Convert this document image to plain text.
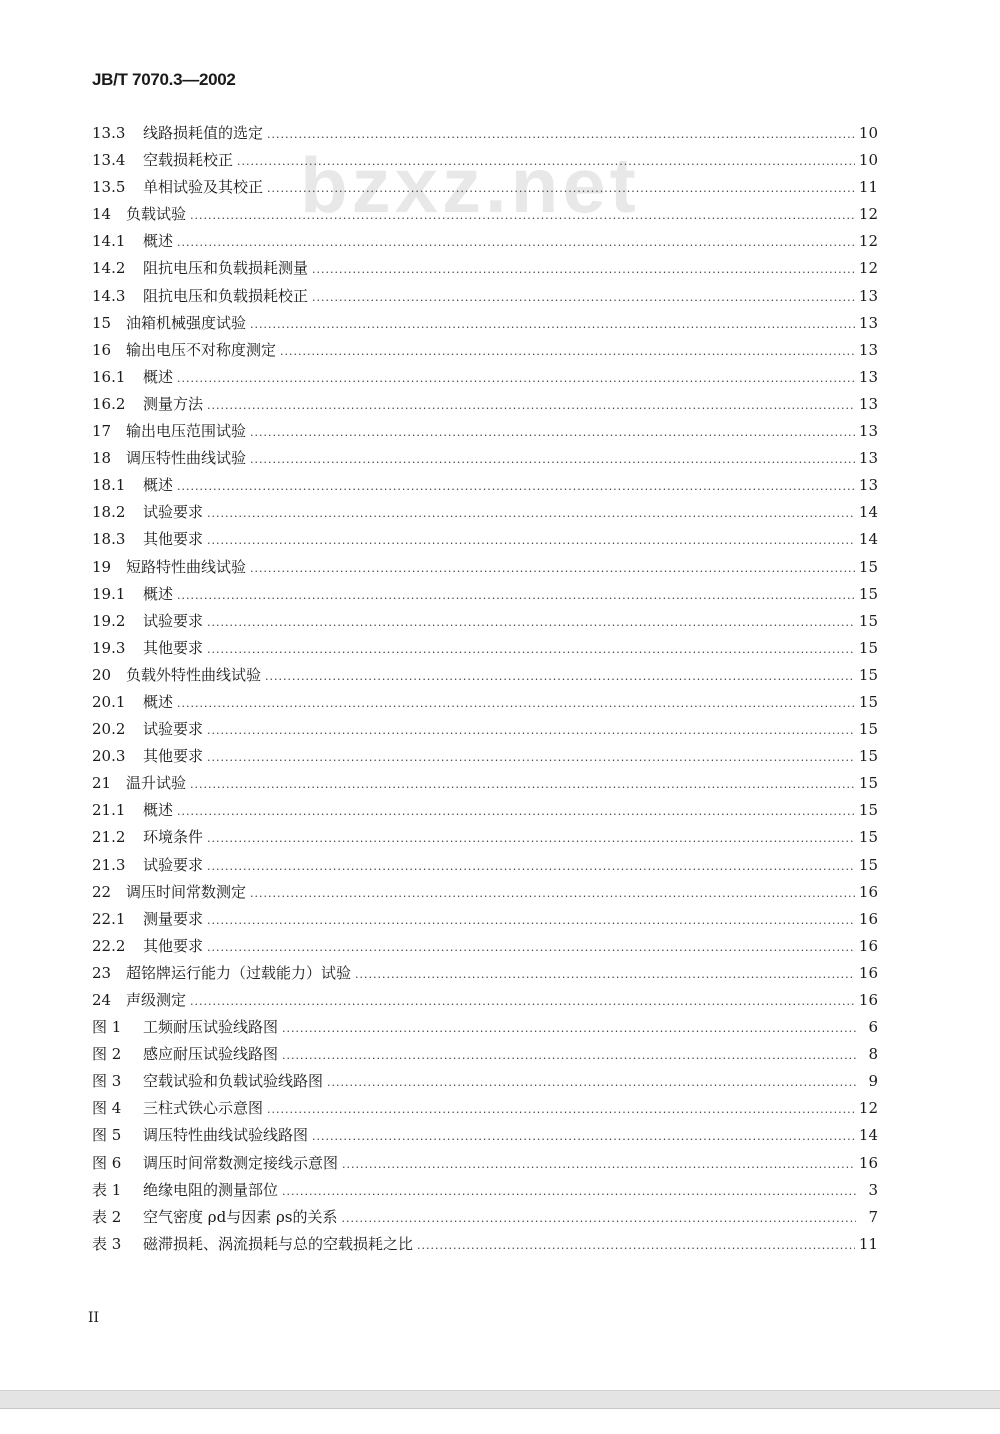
JB/T 7070.3—2002
bzxz.net
13.3	线路损耗值的选定 .....	10
13.4	空载损耗校正 .....	10
13.5	单相试验及其校正 .....	11
14 负载试验 .....	12
14.1	概述 .....	12
14.2	阻抗电压和负载损耗测量 .....	12
14.3	阻抗电压和负载损耗校正 .....	13
15 油箱机械强度试验 .....	13
16 输出电压不对称度测定 .....	13
16.1	概述 .....	13
16.2	测量方法 .....	13
17 输出电压范围试验 .....	13
18 调压特性曲线试验 .....	13
18.1	概述 .....	13
18.2	试验要求 .....	14
18.3	其他要求 .....	14
19 短路特性曲线试验 .....	15
19.1	概述 .....	15
19.2	试验要求 .....	15
19.3	其他要求 .....	15
20 负载外特性曲线试验 .....	15
20.1	概述 .....	15
20.2	试验要求 .....	15
20.3	其他要求 .....	15
21 温升试验 .....	15
21.1	概述 .....	15
21.2	环境条件 .....	15
21.3	试验要求 .....	15
22 调压时间常数测定 .....	16
22.1	测量要求 .....	16
22.2	其他要求 .....	16
23 超铭牌运行能力（过载能力）试验 .....	16
24 声级测定 .....	16
图 1	工频耐压试验线路图 .....	6
图 2	感应耐压试验线路图 .....	8
图 3	空载试验和负载试验线路图 .....	9
图 4	三柱式铁心示意图 .....	12
图 5	调压特性曲线试验线路图 .....	14
图 6	调压时间常数测定接线示意图 .....	16
表 1	绝缘电阻的测量部位 .....	3
表 2	空气密度 ρd与因素 ρs的关系 .....	7
表 3	磁滞损耗、涡流损耗与总的空载损耗之比 .....	11
II
